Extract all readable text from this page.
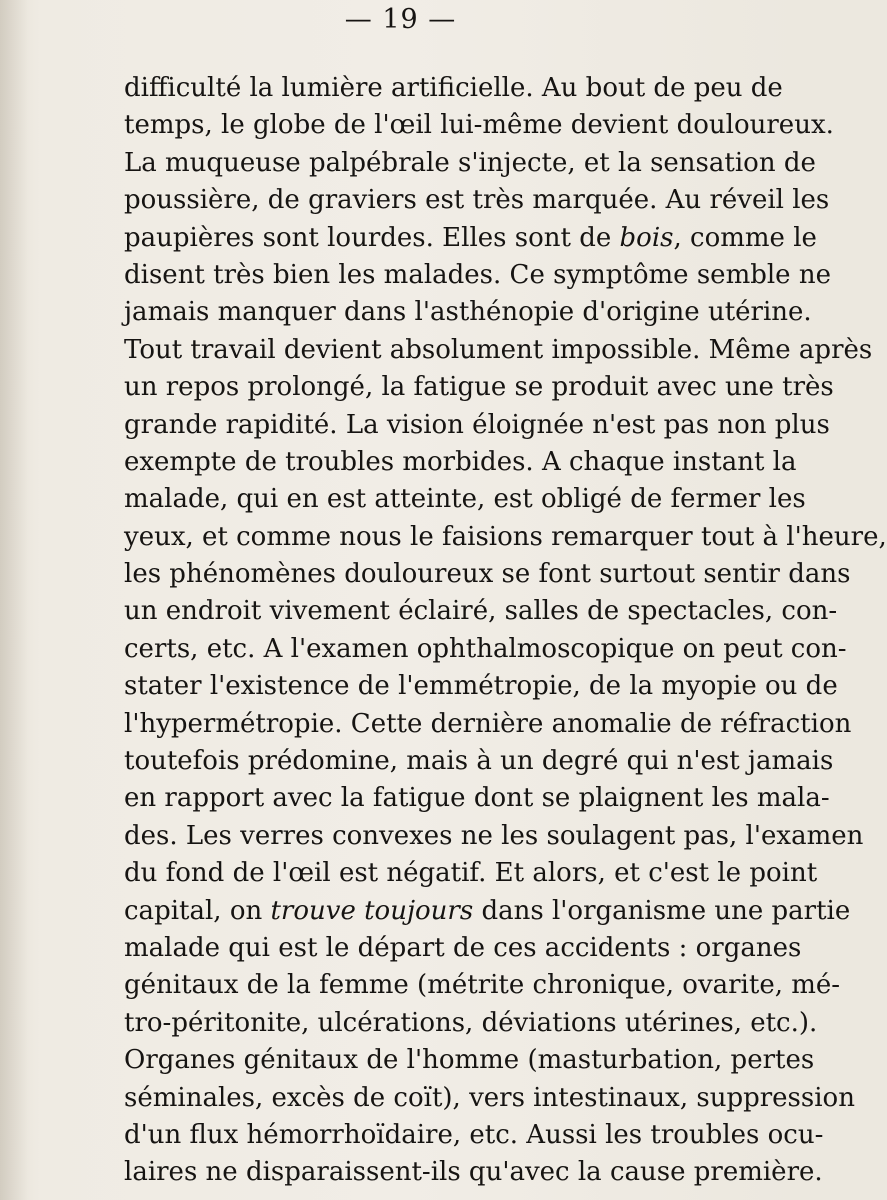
— 19 —
difficulté la lumière artificielle. Au bout de peu de
temps, le globe de l'œil lui-même devient douloureux.
La muqueuse palpébrale s'injecte, et la sensation de
poussière, de graviers est très marquée. Au réveil les
paupières sont lourdes. Elles sont de bois, comme le
disent très bien les malades. Ce symptôme semble ne
jamais manquer dans l'asthénopie d'origine utérine.
Tout travail devient absolument impossible. Même après
un repos prolongé, la fatigue se produit avec une très
grande rapidité. La vision éloignée n'est pas non plus
exempte de troubles morbides. A chaque instant la
malade, qui en est atteinte, est obligé de fermer les
yeux, et comme nous le faisions remarquer tout à l'heure,
les phénomènes douloureux se font surtout sentir dans
un endroit vivement éclairé, salles de spectacles, con-
certs, etc. A l'examen ophthalmoscopique on peut con-
stater l'existence de l'emmétropie, de la myopie ou de
l'hypermétropie. Cette dernière anomalie de réfraction
toutefois prédomine, mais à un degré qui n'est jamais
en rapport avec la fatigue dont se plaignent les mala-
des. Les verres convexes ne les soulagent pas, l'examen
du fond de l'œil est négatif. Et alors, et c'est le point
capital, on trouve toujours dans l'organisme une partie
malade qui est le départ de ces accidents : organes
génitaux de la femme (métrite chronique, ovarite, mé-
tro-péritonite, ulcérations, déviations utérines, etc.).
Organes génitaux de l'homme (masturbation, pertes
séminales, excès de coït), vers intestinaux, suppression
d'un flux hémorrhoïdaire, etc. Aussi les troubles ocu-
laires ne disparaissent-ils qu'avec la cause première.
